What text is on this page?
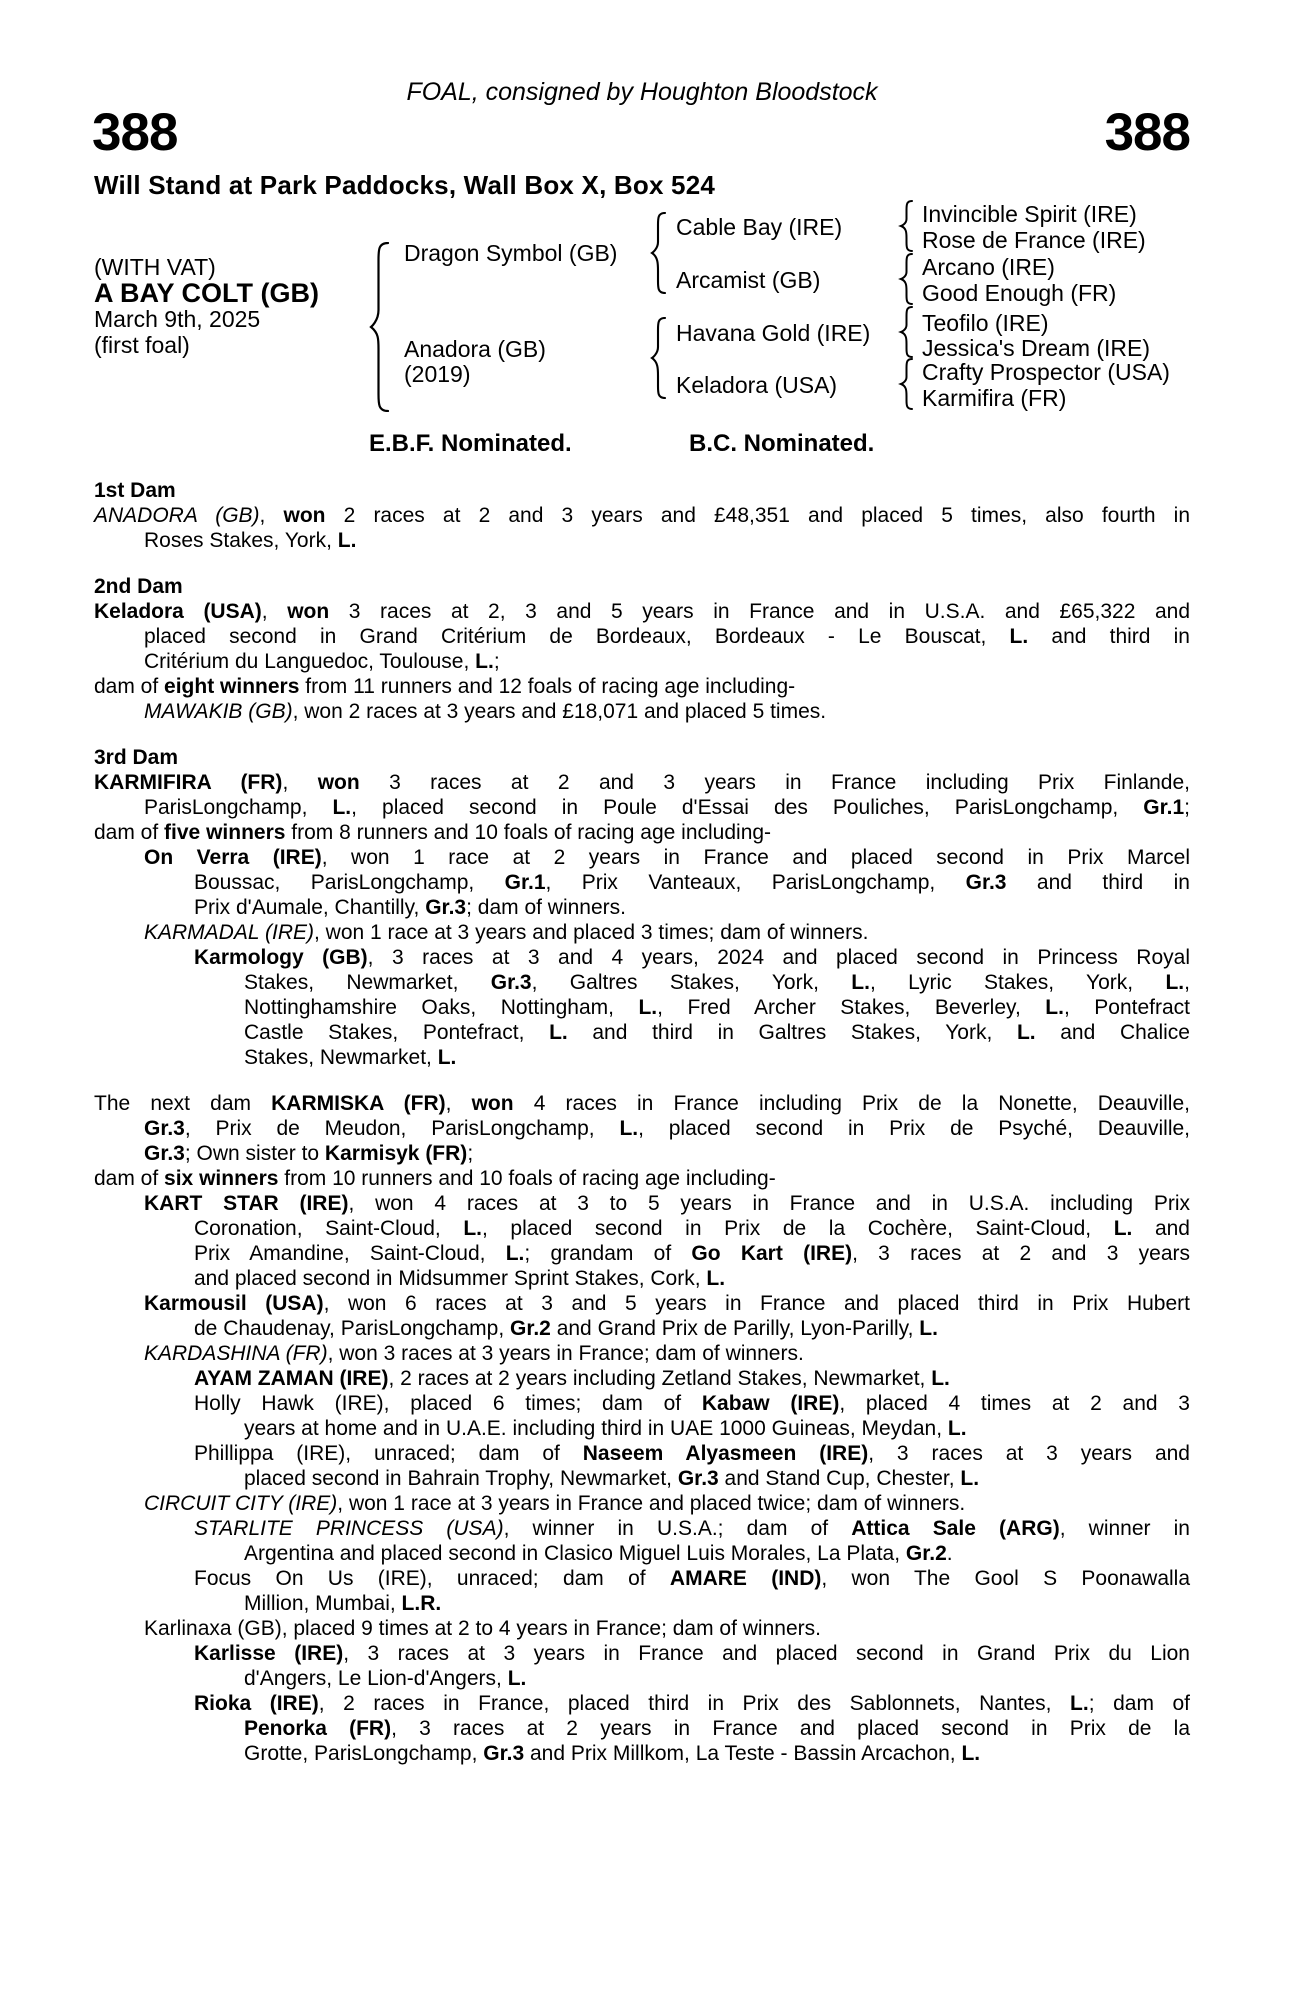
FOAL, consigned by Houghton Bloodstock
388	388
Will Stand at Park Paddocks, Wall Box X, Box 524
(WITH VAT)
A BAY COLT (GB)
March 9th, 2025
(first foal)
Dragon Symbol (GB)
Anadora (GB)
(2019)
Cable Bay (IRE)
Arcamist (GB)
Havana Gold (IRE)
Keladora (USA)
Invincible Spirit (IRE)
Rose de France (IRE)
Arcano (IRE)
Good Enough (FR)
Teofilo (IRE)
Jessica's Dream (IRE)
Crafty Prospector (USA)
Karmifira (FR)
E.B.F. Nominated.	B.C. Nominated.
1st Dam
ANADORA (GB), won 2 races at 2 and 3 years and £48,351 and placed 5 times, also fourth in
Roses Stakes, York, L.
2nd Dam
Keladora (USA), won 3 races at 2, 3 and 5 years in France and in U.S.A. and £65,322 and
placed second in Grand Critérium de Bordeaux, Bordeaux - Le Bouscat, L. and third in
Critérium du Languedoc, Toulouse, L.;
dam of eight winners from 11 runners and 12 foals of racing age including-
MAWAKIB (GB), won 2 races at 3 years and £18,071 and placed 5 times.
3rd Dam
KARMIFIRA (FR), won 3 races at 2 and 3 years in France including Prix Finlande,
ParisLongchamp, L., placed second in Poule d'Essai des Pouliches, ParisLongchamp, Gr.1;
dam of five winners from 8 runners and 10 foals of racing age including-
On Verra (IRE), won 1 race at 2 years in France and placed second in Prix Marcel
Boussac, ParisLongchamp, Gr.1, Prix Vanteaux, ParisLongchamp, Gr.3 and third in
Prix d'Aumale, Chantilly, Gr.3; dam of winners.
KARMADAL (IRE), won 1 race at 3 years and placed 3 times; dam of winners.
Karmology (GB), 3 races at 3 and 4 years, 2024 and placed second in Princess Royal
Stakes, Newmarket, Gr.3, Galtres Stakes, York, L., Lyric Stakes, York, L.,
Nottinghamshire Oaks, Nottingham, L., Fred Archer Stakes, Beverley, L., Pontefract
Castle Stakes, Pontefract, L. and third in Galtres Stakes, York, L. and Chalice
Stakes, Newmarket, L.
The next dam KARMISKA (FR), won 4 races in France including Prix de la Nonette, Deauville,
Gr.3, Prix de Meudon, ParisLongchamp, L., placed second in Prix de Psyché, Deauville,
Gr.3; Own sister to Karmisyk (FR);
dam of six winners from 10 runners and 10 foals of racing age including-
KART STAR (IRE), won 4 races at 3 to 5 years in France and in U.S.A. including Prix
Coronation, Saint-Cloud, L., placed second in Prix de la Cochère, Saint-Cloud, L. and
Prix Amandine, Saint-Cloud, L.; grandam of Go Kart (IRE), 3 races at 2 and 3 years
and placed second in Midsummer Sprint Stakes, Cork, L.
Karmousil (USA), won 6 races at 3 and 5 years in France and placed third in Prix Hubert
de Chaudenay, ParisLongchamp, Gr.2 and Grand Prix de Parilly, Lyon-Parilly, L.
KARDASHINA (FR), won 3 races at 3 years in France; dam of winners.
AYAM ZAMAN (IRE), 2 races at 2 years including Zetland Stakes, Newmarket, L.
Holly Hawk (IRE), placed 6 times; dam of Kabaw (IRE), placed 4 times at 2 and 3
years at home and in U.A.E. including third in UAE 1000 Guineas, Meydan, L.
Phillippa (IRE), unraced; dam of Naseem Alyasmeen (IRE), 3 races at 3 years and
placed second in Bahrain Trophy, Newmarket, Gr.3 and Stand Cup, Chester, L.
CIRCUIT CITY (IRE), won 1 race at 3 years in France and placed twice; dam of winners.
STARLITE PRINCESS (USA), winner in U.S.A.; dam of Attica Sale (ARG), winner in
Argentina and placed second in Clasico Miguel Luis Morales, La Plata, Gr.2.
Focus On Us (IRE), unraced; dam of AMARE (IND), won The Gool S Poonawalla
Million, Mumbai, L.R.
Karlinaxa (GB), placed 9 times at 2 to 4 years in France; dam of winners.
Karlisse (IRE), 3 races at 3 years in France and placed second in Grand Prix du Lion
d'Angers, Le Lion-d'Angers, L.
Rioka (IRE), 2 races in France, placed third in Prix des Sablonnets, Nantes, L.; dam of
Penorka (FR), 3 races at 2 years in France and placed second in Prix de la
Grotte, ParisLongchamp, Gr.3 and Prix Millkom, La Teste - Bassin Arcachon, L.
